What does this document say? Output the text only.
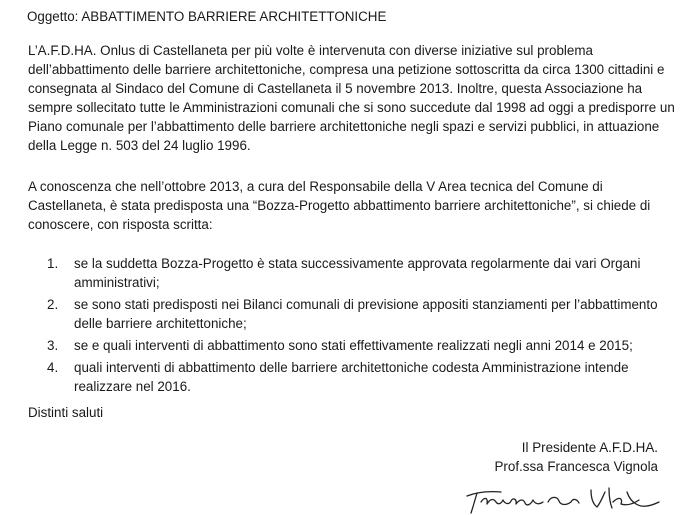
Oggetto: ABBATTIMENTO BARRIERE ARCHITETTONICHE

L’A.F.D.HA. Onlus di Castellaneta per più volte è intervenuta con diverse iniziative sul problema dell’abbattimento delle barriere architettoniche, compresa una petizione sottoscritta da circa 1300 cittadini e consegnata al Sindaco del Comune di Castellaneta il 5 novembre 2013. Inoltre, questa Associazione ha sempre sollecitato tutte le Amministrazioni comunali che si sono succedute dal 1998 ad oggi a predisporre un Piano comunale per l’abbattimento delle barriere architettoniche negli spazi e servizi pubblici, in attuazione della Legge n. 503 del 24 luglio 1996.

A conoscenza che nell’ottobre 2013, a cura del Responsabile della V Area tecnica del Comune di Castellaneta, è stata predisposta una “Bozza-Progetto abbattimento barriere architettoniche”, si chiede di conoscere, con risposta scritta:

1. se la suddetta Bozza-Progetto è stata successivamente approvata regolarmente dai vari Organi amministrativi;
2. se sono stati predisposti nei Bilanci comunali di previsione appositi stanziamenti per l’abbattimento delle barriere architettoniche;
3. se e quali interventi di abbattimento sono stati effettivamente realizzati negli anni 2014 e 2015;
4. quali interventi di abbattimento delle barriere architettoniche codesta Amministrazione intende realizzare nel 2016.
Distinti saluti
Il Presidente A.F.D.HA.
Prof.ssa Francesca Vignola
